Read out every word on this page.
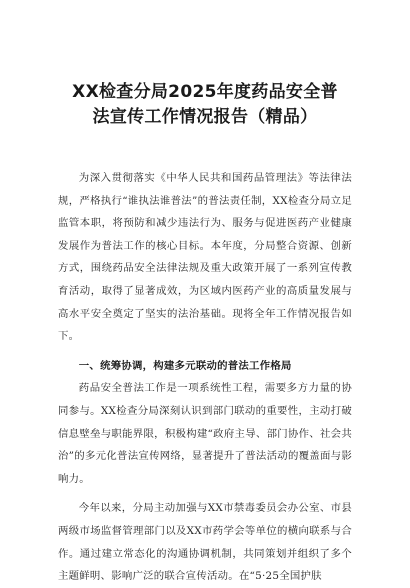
XX检查分局2025年度药品安全普
法宣传工作情况报告（精品）

为深入贯彻落实《中华人民共和国药品管理法》等法律法规，严格执行“谁执法谁普法”的普法责任制，XX检查分局立足监管本职，将预防和减少违法行为、服务与促进医药产业健康发展作为普法工作的核心目标。本年度，分局整合资源、创新方式，围绕药品安全法律法规及重大政策开展了一系列宣传教育活动，取得了显著成效，为区域内医药产业的高质量发展与高水平安全奠定了坚实的法治基础。现将全年工作情况报告如下。

一、统筹协调，构建多元联动的普法工作格局

药品安全普法工作是一项系统性工程，需要多方力量的协同参与。XX检查分局深刻认识到部门联动的重要性，主动打破信息壁垒与职能界限，积极构建“政府主导、部门协作、社会共治”的多元化普法宣传网络，显著提升了普法活动的覆盖面与影响力。

今年以来，分局主动加强与XX市禁毒委员会办公室、市县两级市场监督管理部门以及XX市药学会等单位的横向联系与合作。通过建立常态化的沟通协调机制，共同策划并组织了多个主题鲜明、影响广泛的联合宣传活动。在“5·25全国护肤
